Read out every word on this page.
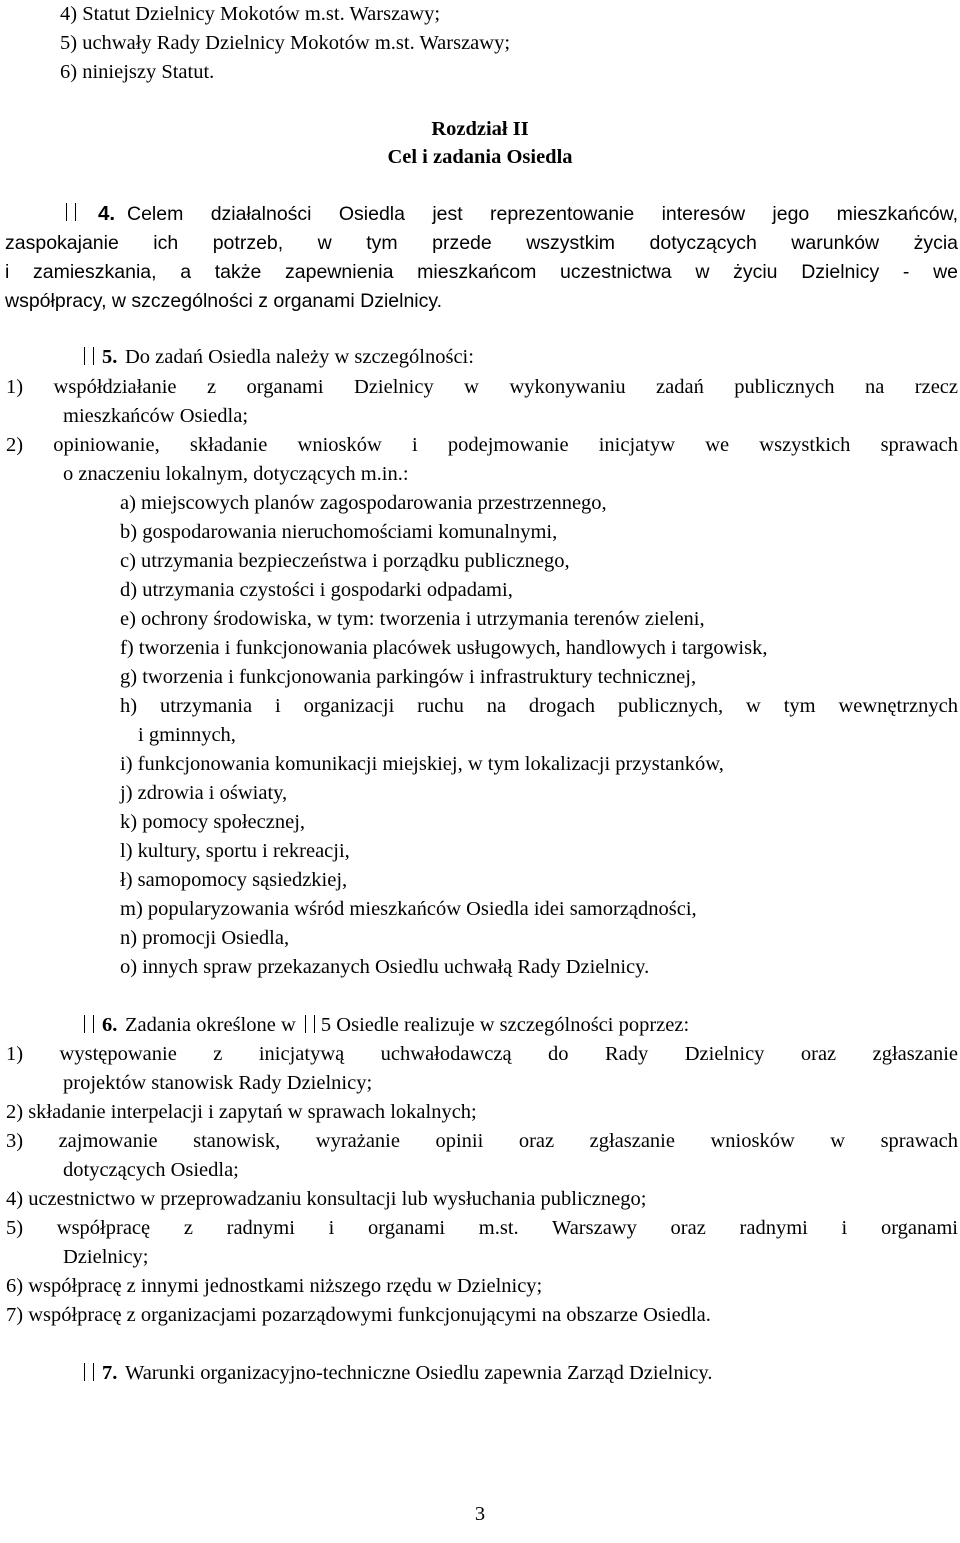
4) Statut Dzielnicy Mokotów m.st. Warszawy;
5) uchwały Rady Dzielnicy Mokotów m.st. Warszawy;
6) niniejszy Statut.
Rozdział II
Cel i zadania Osiedla
4. Celem działalności Osiedla jest reprezentowanie interesów jego mieszkańców,
zaspokajanie ich potrzeb, w tym przede wszystkim dotyczących warunków życia
i zamieszkania, a także zapewnienia mieszkańcom uczestnictwa w życiu Dzielnicy - we
współpracy, w szczególności z organami Dzielnicy.
5. Do zadań Osiedla należy w szczególności:
1) współdziałanie z organami Dzielnicy w wykonywaniu zadań publicznych na rzecz
mieszkańców Osiedla;
2) opiniowanie, składanie wniosków i podejmowanie inicjatyw we wszystkich sprawach
o znaczeniu lokalnym, dotyczących m.in.:
a) miejscowych planów zagospodarowania przestrzennego,
b) gospodarowania nieruchomościami komunalnymi,
c) utrzymania bezpieczeństwa i porządku publicznego,
d) utrzymania czystości i gospodarki odpadami,
e) ochrony środowiska, w tym: tworzenia i utrzymania terenów zieleni,
f) tworzenia i funkcjonowania placówek usługowych, handlowych i targowisk,
g) tworzenia i funkcjonowania parkingów i infrastruktury technicznej,
h) utrzymania i organizacji ruchu na drogach publicznych, w tym wewnętrznych
i gminnych,
i) funkcjonowania komunikacji miejskiej, w tym lokalizacji przystanków,
j) zdrowia i oświaty,
k) pomocy społecznej,
l) kultury, sportu i rekreacji,
ł) samopomocy sąsiedzkiej,
m) popularyzowania wśród mieszkańców Osiedla idei samorządności,
n) promocji Osiedla,
o) innych spraw przekazanych Osiedlu uchwałą Rady Dzielnicy.
6. Zadania określone w 5 Osiedle realizuje w szczególności poprzez:
1) występowanie z inicjatywą uchwałodawczą do Rady Dzielnicy oraz zgłaszanie
projektów stanowisk Rady Dzielnicy;
2) składanie interpelacji i zapytań w sprawach lokalnych;
3) zajmowanie stanowisk, wyrażanie opinii oraz zgłaszanie wniosków w sprawach
dotyczących Osiedla;
4) uczestnictwo w przeprowadzaniu konsultacji lub wysłuchania publicznego;
5) współpracę z radnymi i organami m.st. Warszawy oraz radnymi i organami
Dzielnicy;
6) współpracę z innymi jednostkami niższego rzędu w Dzielnicy;
7) współpracę z organizacjami pozarządowymi funkcjonującymi na obszarze Osiedla.
7. Warunki organizacyjno-techniczne Osiedlu zapewnia Zarząd Dzielnicy.
3
